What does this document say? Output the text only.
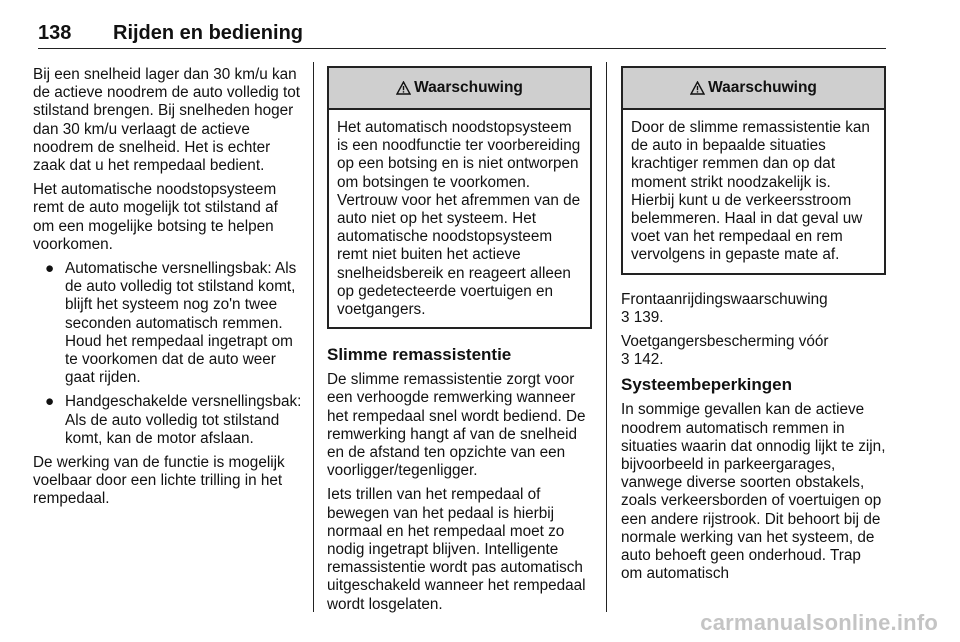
138 Rijden en bediening

Bij een snelheid lager dan 30 km/u kan de actieve noodrem de auto volledig tot stilstand brengen. Bij snelheden hoger dan 30 km/u verlaagt de actieve noodrem de snelheid. Het is echter zaak dat u het rempedaal bedient.

Het automatische noodstopsysteem remt de auto mogelijk tot stilstand af om een mogelijke botsing te helpen voorkomen.

● Automatische versnellingsbak: Als de auto volledig tot stilstand komt, blijft het systeem nog zo'n twee seconden automatisch remmen. Houd het rempedaal ingetrapt om te voorkomen dat de auto weer gaat rijden.
● Handgeschakelde versnellingsbak: Als de auto volledig tot stilstand komt, kan de motor afslaan.

De werking van de functie is mogelijk voelbaar door een lichte trilling in het rempedaal.

Waarschuwing
Het automatisch noodstopsysteem is een noodfunctie ter voorbereiding op een botsing en is niet ontworpen om botsingen te voorkomen. Vertrouw voor het afremmen van de auto niet op het systeem. Het automatische noodstopsysteem remt niet buiten het actieve snelheidsbereik en reageert alleen op gedetecteerde voertuigen en voetgangers.
Slimme remassistentie

De slimme remassistentie zorgt voor een verhoogde remwerking wanneer het rempedaal snel wordt bediend. De remwerking hangt af van de snelheid en de afstand ten opzichte van een voorligger/tegenligger.

Iets trillen van het rempedaal of bewegen van het pedaal is hierbij normaal en het rempedaal moet zo nodig ingetrapt blijven. Intelligente remassistentie wordt pas automatisch uitgeschakeld wanneer het rempedaal wordt losgelaten.

Waarschuwing
Door de slimme remassistentie kan de auto in bepaalde situaties krachtiger remmen dan op dat moment strikt noodzakelijk is. Hierbij kunt u de verkeersstroom belemmeren. Haal in dat geval uw voet van het rempedaal en rem vervolgens in gepaste mate af.

Frontaanrijdingswaarschuwing
3 139.

Voetgangersbescherming vóór
3 142.

Systeembeperkingen

In sommige gevallen kan de actieve noodrem automatisch remmen in situaties waarin dat onnodig lijkt te zijn, bijvoorbeeld in parkeergarages, vanwege diverse soorten obstakels, zoals verkeersborden of voertuigen op een andere rijstrook. Dit behoort bij de normale werking van het systeem, de auto behoeft geen onderhoud. Trap om automatisch

carmanualsonline.info
